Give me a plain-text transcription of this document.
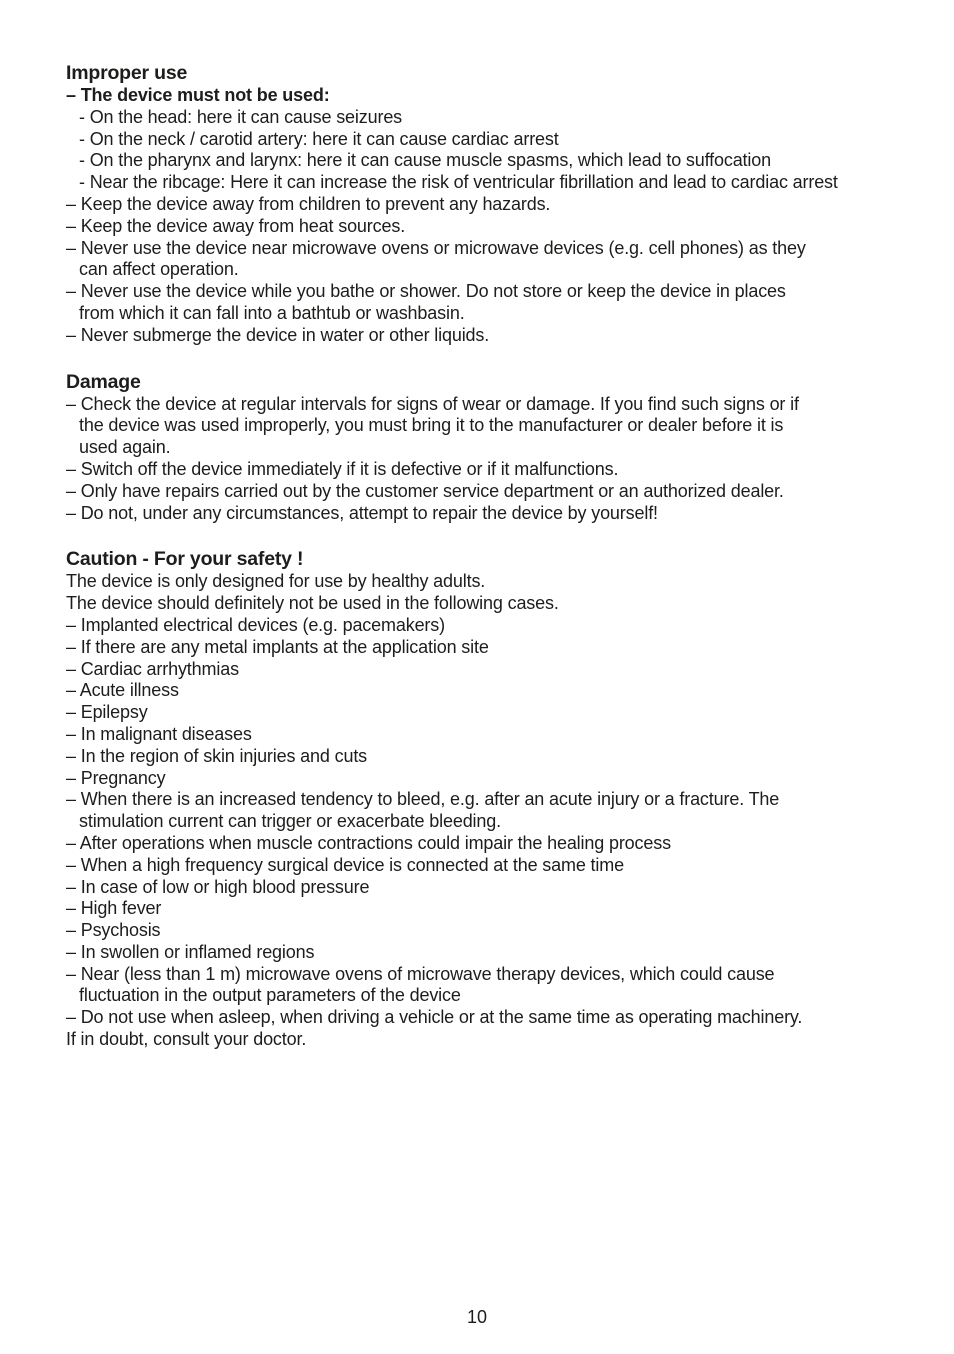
Improper use

– The device must not be used:

- On the head: here it can cause seizures

- On the neck / carotid artery: here it can cause cardiac arrest

- On the pharynx and larynx: here it can cause muscle spasms, which lead to suffocation

- Near the ribcage: Here it can increase the risk of ventricular fibrillation and lead to cardiac arrest

– Keep the device away from children to prevent any hazards.

– Keep the device away from heat sources.

– Never use the device near microwave ovens or microwave devices (e.g. cell phones) as they

can affect operation.

– Never use the device while you bathe or shower. Do not store or keep the device in places

from which it can fall into a bathtub or washbasin.

– Never submerge the device in water or other liquids.

Damage

– Check the device at regular intervals for signs of wear or damage. If you find such signs or if

the device was used improperly, you must bring it to the manufacturer or dealer before it is

used again.

– Switch off the device immediately if it is defective or if it malfunctions.

– Only have repairs carried out by the customer service department or an authorized dealer.

– Do not, under any circumstances, attempt to repair the device by yourself!

Caution - For your safety !

The device is only designed for use by healthy adults.

The device should definitely not be used in the following cases.

– Implanted electrical devices (e.g. pacemakers)

– If there are any metal implants at the application site

– Cardiac arrhythmias

– Acute illness

– Epilepsy

– In malignant diseases

– In the region of skin injuries and cuts

– Pregnancy

– When there is an increased tendency to bleed, e.g. after an acute injury or a fracture. The

stimulation current can trigger or exacerbate bleeding.

– After operations when muscle contractions could impair the healing process

– When a high frequency surgical device is connected at the same time

– In case of low or high blood pressure

– High fever

– Psychosis

– In swollen or inflamed regions

– Near (less than 1 m) microwave ovens of microwave therapy devices, which could cause

fluctuation in the output parameters of the device

– Do not use when asleep, when driving a vehicle or at the same time as operating machinery.

If in doubt, consult your doctor.

10
